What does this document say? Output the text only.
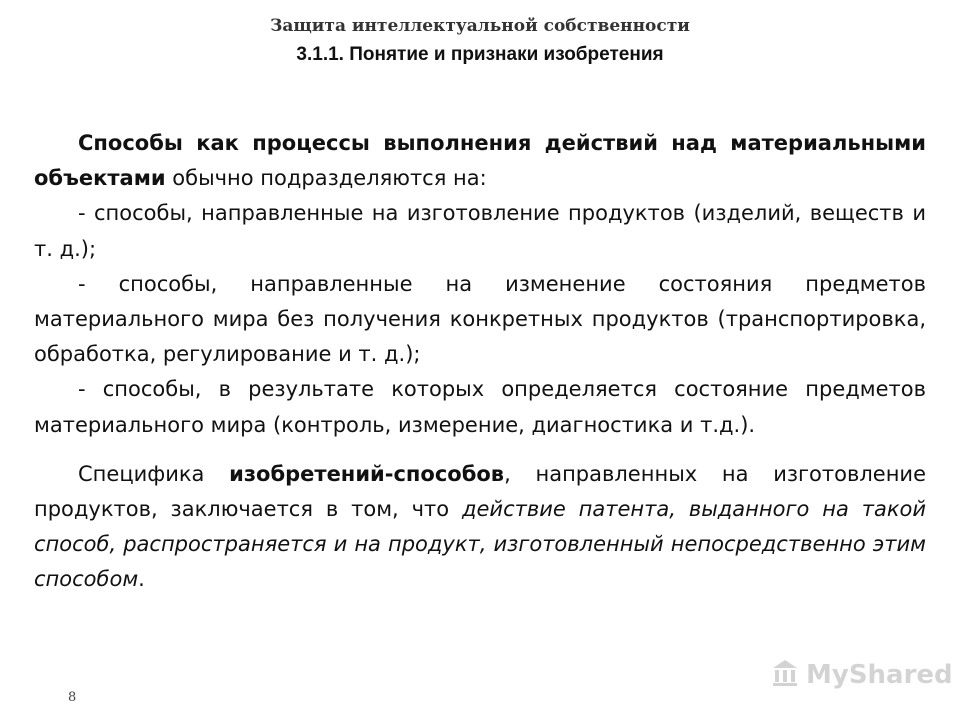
Защита интеллектуальной собственности
3.1.1. Понятие и признаки изобретения

Способы как процессы выполнения действий над материальными объектами обычно подразделяются на:

- способы, направленные на изготовление продуктов (изделий, веществ и т. д.);

- способы, направленные на изменение состояния предметов материального мира без получения конкретных продуктов (транспортировка, обработка, регулирование и т. д.);

- способы, в результате которых определяется состояние предметов материального мира (контроль, измерение, диагностика и т.д.).

Специфика изобретений-способов, направленных на изготовление продуктов, заключается в том, что действие патента, выданного на такой способ, распространяется и на продукт, изготовленный непосредственно этим способом.

8
MyShared
